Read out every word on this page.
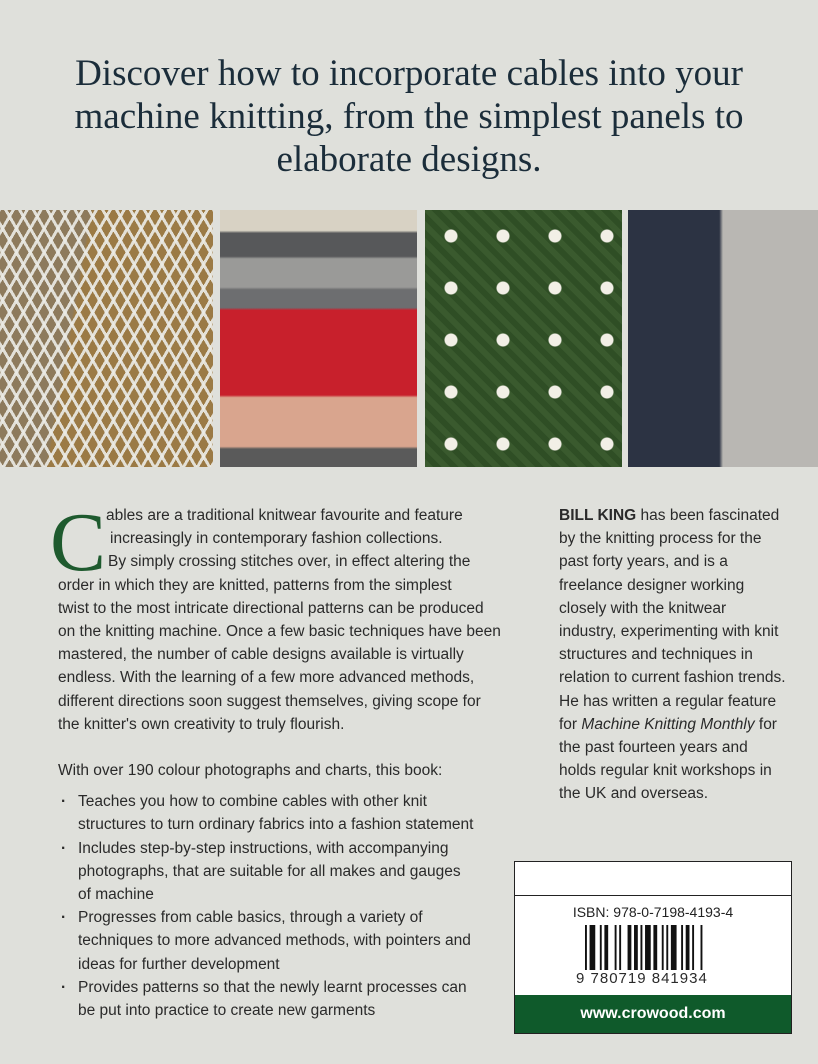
Discover how to incorporate cables into your
machine knitting, from the simplest panels to
elaborate designs.
C ables are a traditional knitwear favourite and feature
increasingly in contemporary fashion collections.
By simply crossing stitches over, in effect altering the
order in which they are knitted, patterns from the simplest
twist to the most intricate directional patterns can be produced
on the knitting machine. Once a few basic techniques have been
mastered, the number of cable designs available is virtually
endless. With the learning of a few more advanced methods,
different directions soon suggest themselves, giving scope for
the knitter's own creativity to truly flourish.
With over 190 colour photographs and charts, this book:
· Teaches you how to combine cables with other knit
structures to turn ordinary fabrics into a fashion statement
· Includes step-by-step instructions, with accompanying
photographs, that are suitable for all makes and gauges
of machine
· Progresses from cable basics, through a variety of
techniques to more advanced methods, with pointers and
ideas for further development
· Provides patterns so that the newly learnt processes can
be put into practice to create new garments
BILL KING has been fascinated
by the knitting process for the
past forty years, and is a
freelance designer working
closely with the knitwear
industry, experimenting with knit
structures and techniques in
relation to current fashion trends.
He has written a regular feature
for Machine Knitting Monthly for
the past fourteen years and
holds regular knit workshops in
the UK and overseas.
ISBN: 978-0-7198-4193-4
9 780719 841934
www.crowood.com
